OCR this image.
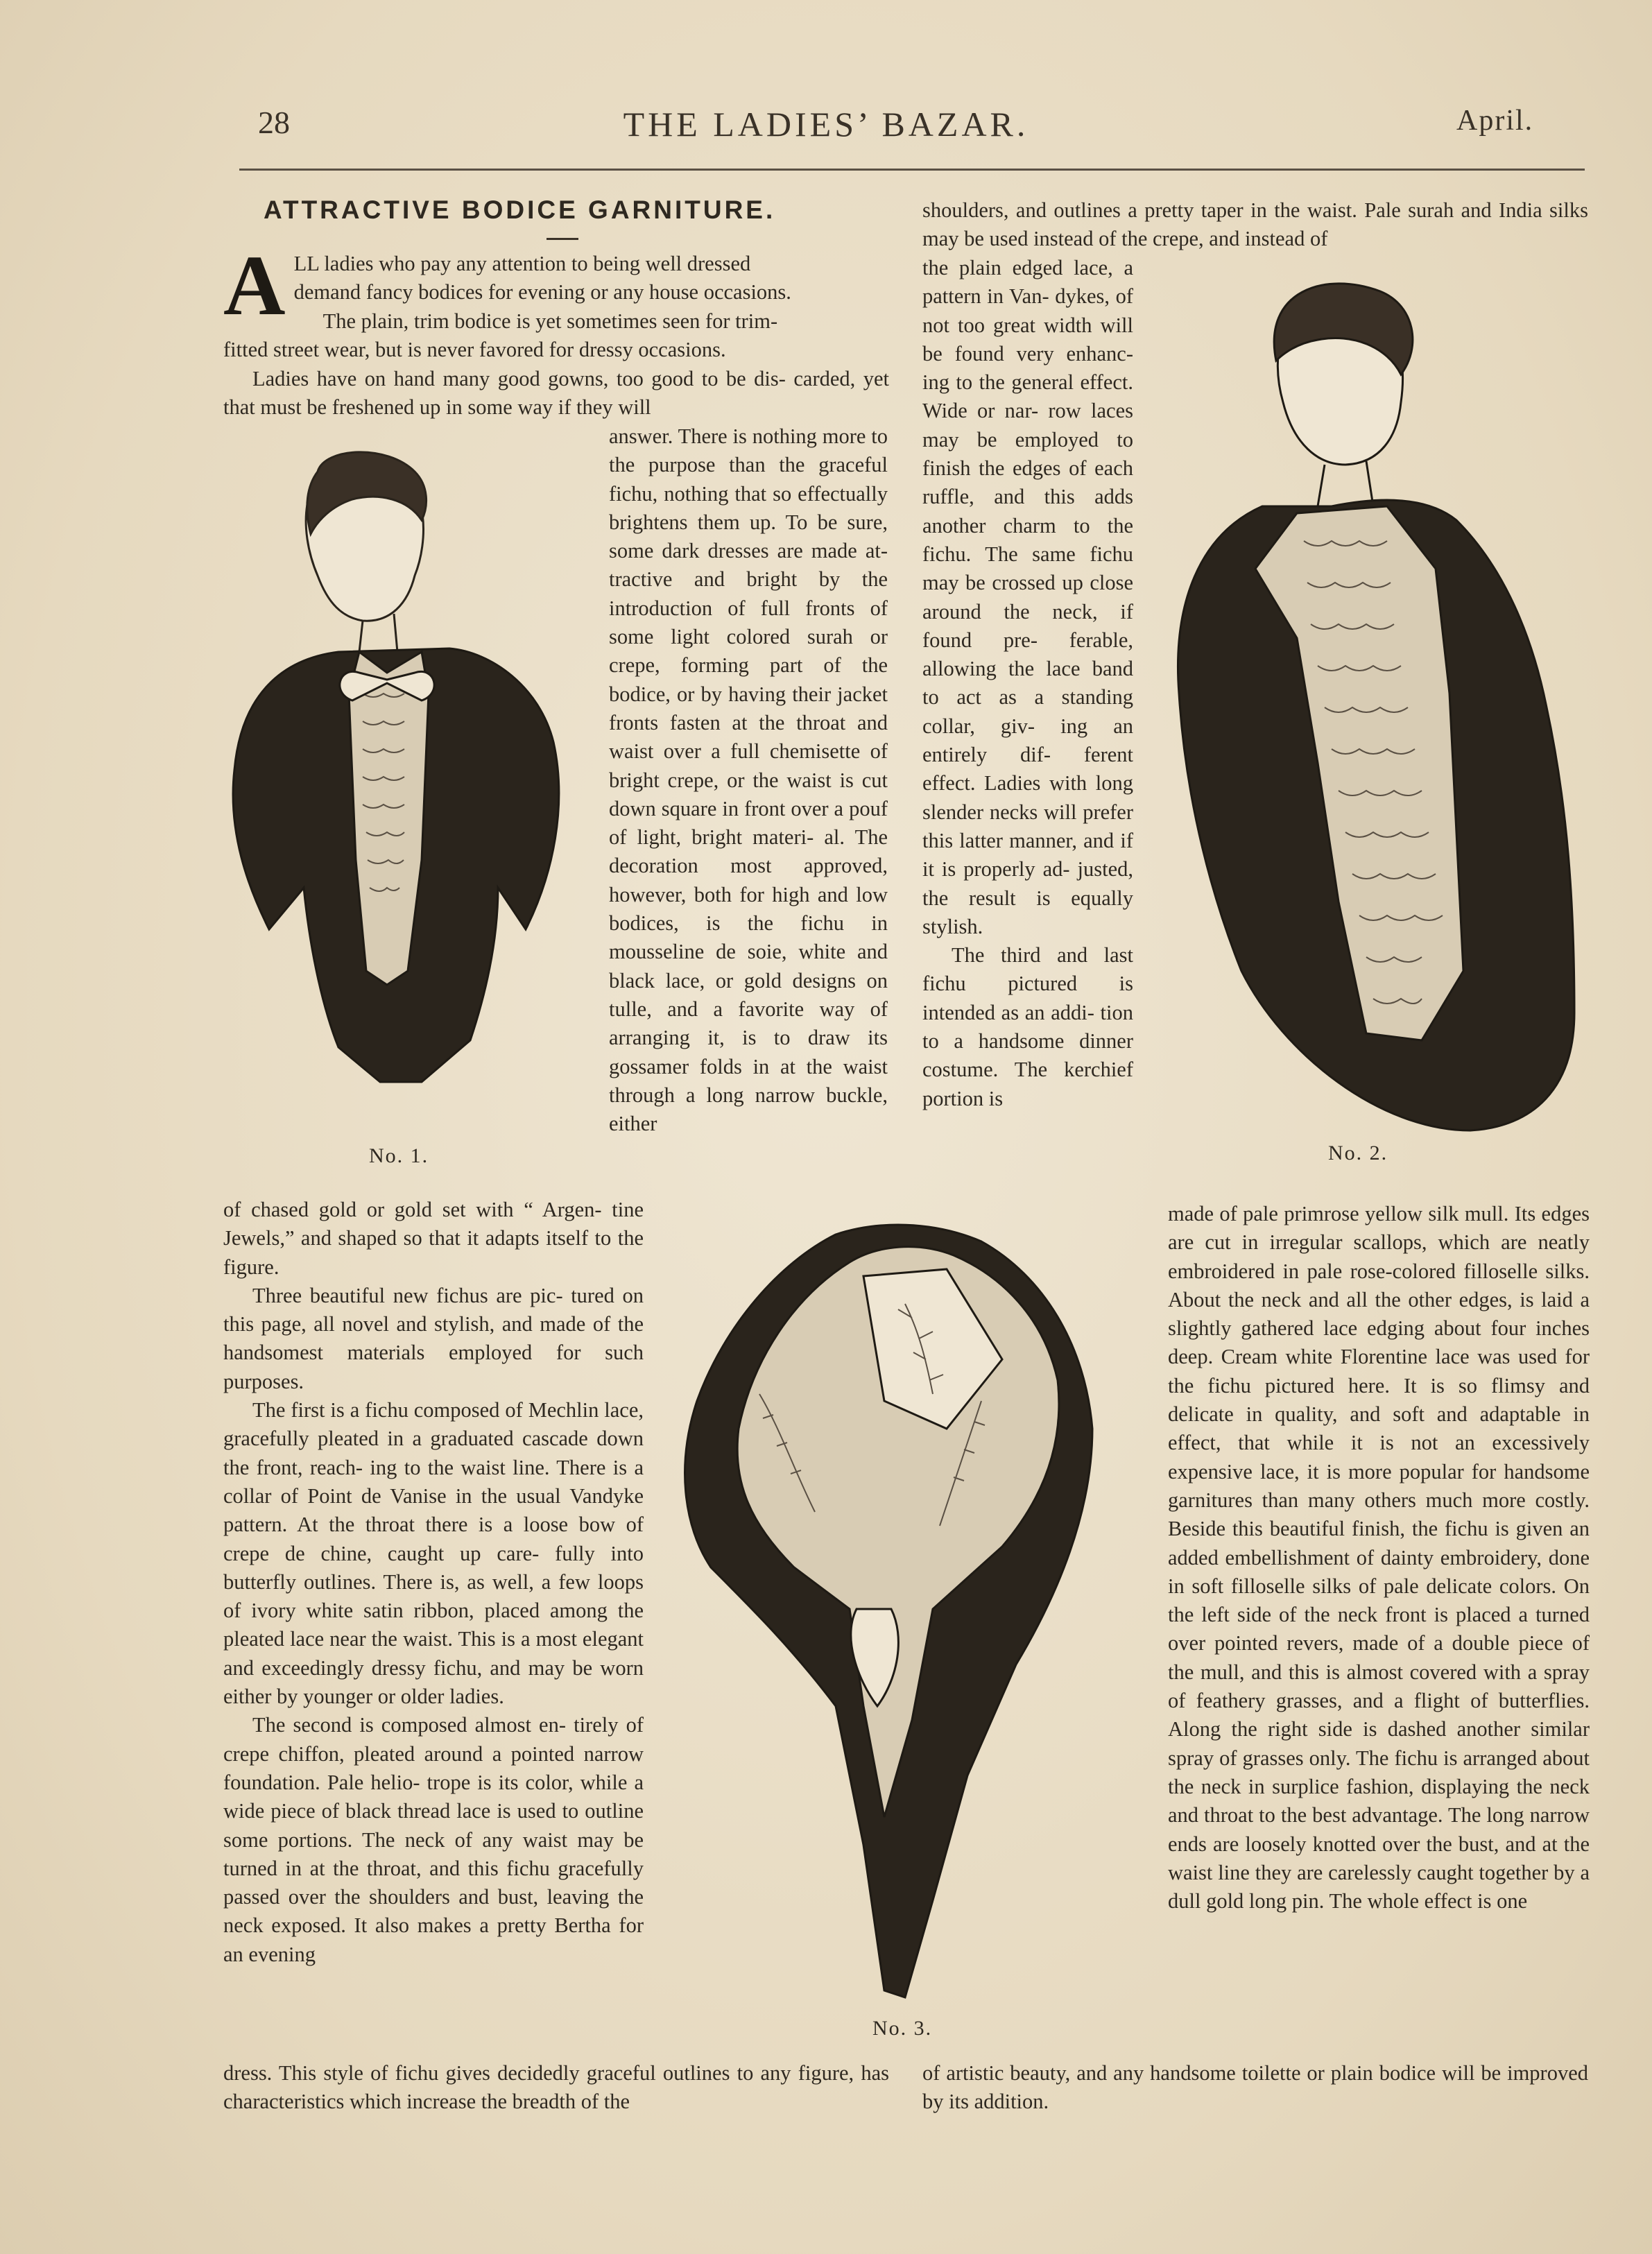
28	THE LADIES’ BAZAR.	April.
ATTRACTIVE BODICE GARNITURE.
A LL ladies who pay any attention to being well dressed

demand fancy bodices for evening or any house occasions.

The plain, trim bodice is yet sometimes seen for trim-

fitted street wear, but is never favored for dressy occasions.
Ladies have on hand many good gowns, too good to be dis- carded, yet that must be freshened up in some way if they will
No. 1.
answer. There is nothing more to the purpose than the graceful fichu, nothing that so effectually brightens them up. To be sure, some dark dresses are made at- tractive and bright by the introduction of full fronts of some light colored surah or crepe, forming part of the bodice, or by having their jacket fronts fasten at the throat and waist over a full chemisette of bright crepe, or the waist is cut down square in front over a pouf of light, bright materi- al. The decoration most approved, however, both for high and low bodices, is the fichu in mousseline de soie, white and black lace, or gold designs on tulle, and a favorite way of arranging it, is to draw its gossamer folds in at the waist through a long narrow buckle, either

of chased gold or gold set with “ Argen- tine Jewels,” and shaped so that it adapts itself to the figure.

Three beautiful new fichus are pic- tured on this page, all novel and stylish, and made of the handsomest materials employed for such purposes.

The first is a fichu composed of Mechlin lace, gracefully pleated in a graduated cascade down the front, reach- ing to the waist line. There is a collar of Point de Vanise in the usual Vandyke pattern. At the throat there is a loose bow of crepe de chine, caught up care- fully into butterfly outlines. There is, as well, a few loops of ivory white satin ribbon, placed among the pleated lace near the waist. This is a most elegant and exceedingly dressy fichu, and may be worn either by younger or older ladies.

The second is composed almost en- tirely of crepe chiffon, pleated around a pointed narrow foundation. Pale helio- trope is its color, while a wide piece of black thread lace is used to outline some portions. The neck of any waist may be turned in at the throat, and this fichu gracefully passed over the shoulders and bust, leaving the neck exposed. It also makes a pretty Bertha for an evening

dress. This style of fichu gives decidedly graceful outlines to any figure, has characteristics which increase the breadth of the
shoulders, and outlines a pretty taper in the waist. Pale surah and India silks may be used instead of the crepe, and instead of

the plain edged lace, a pattern in Van- dykes, of not too great width will be found very enhanc- ing to the general effect. Wide or nar- row laces may be employed to finish the edges of each ruffle, and this adds another charm to the fichu. The same fichu may be crossed up close around the neck, if found pre- ferable, allowing the lace band to act as a standing collar, giv- ing an entirely dif- ferent effect. Ladies with long slender necks will prefer this latter manner, and if it is properly ad- justed, the result is equally stylish.

The third and last fichu pictured is intended as an addi- tion to a handsome dinner costume. The kerchief portion is

No. 2.
No. 3.
made of pale primrose yellow silk mull. Its edges are cut in irregular scallops, which are neatly embroidered in pale rose-colored filloselle silks. About the neck and all the other edges, is laid a slightly gathered lace edging about four inches deep. Cream white Florentine lace was used for the fichu pictured here. It is so flimsy and delicate in quality, and soft and adaptable in effect, that while it is not an excessively expensive lace, it is more popular for handsome garnitures than many others much more costly. Beside this beautiful finish, the fichu is given an added embellishment of dainty embroidery, done in soft filloselle silks of pale delicate colors. On the left side of the neck front is placed a turned over pointed revers, made of a double piece of the mull, and this is almost covered with a spray of feathery grasses, and a flight of butterflies. Along the right side is dashed another similar spray of grasses only. The fichu is arranged about the neck in surplice fashion, displaying the neck and throat to the best advantage. The long narrow ends are loosely knotted over the bust, and at the waist line they are carelessly caught together by a dull gold long pin. The whole effect is one
of artistic beauty, and any handsome toilette or plain bodice will be improved by its addition.
